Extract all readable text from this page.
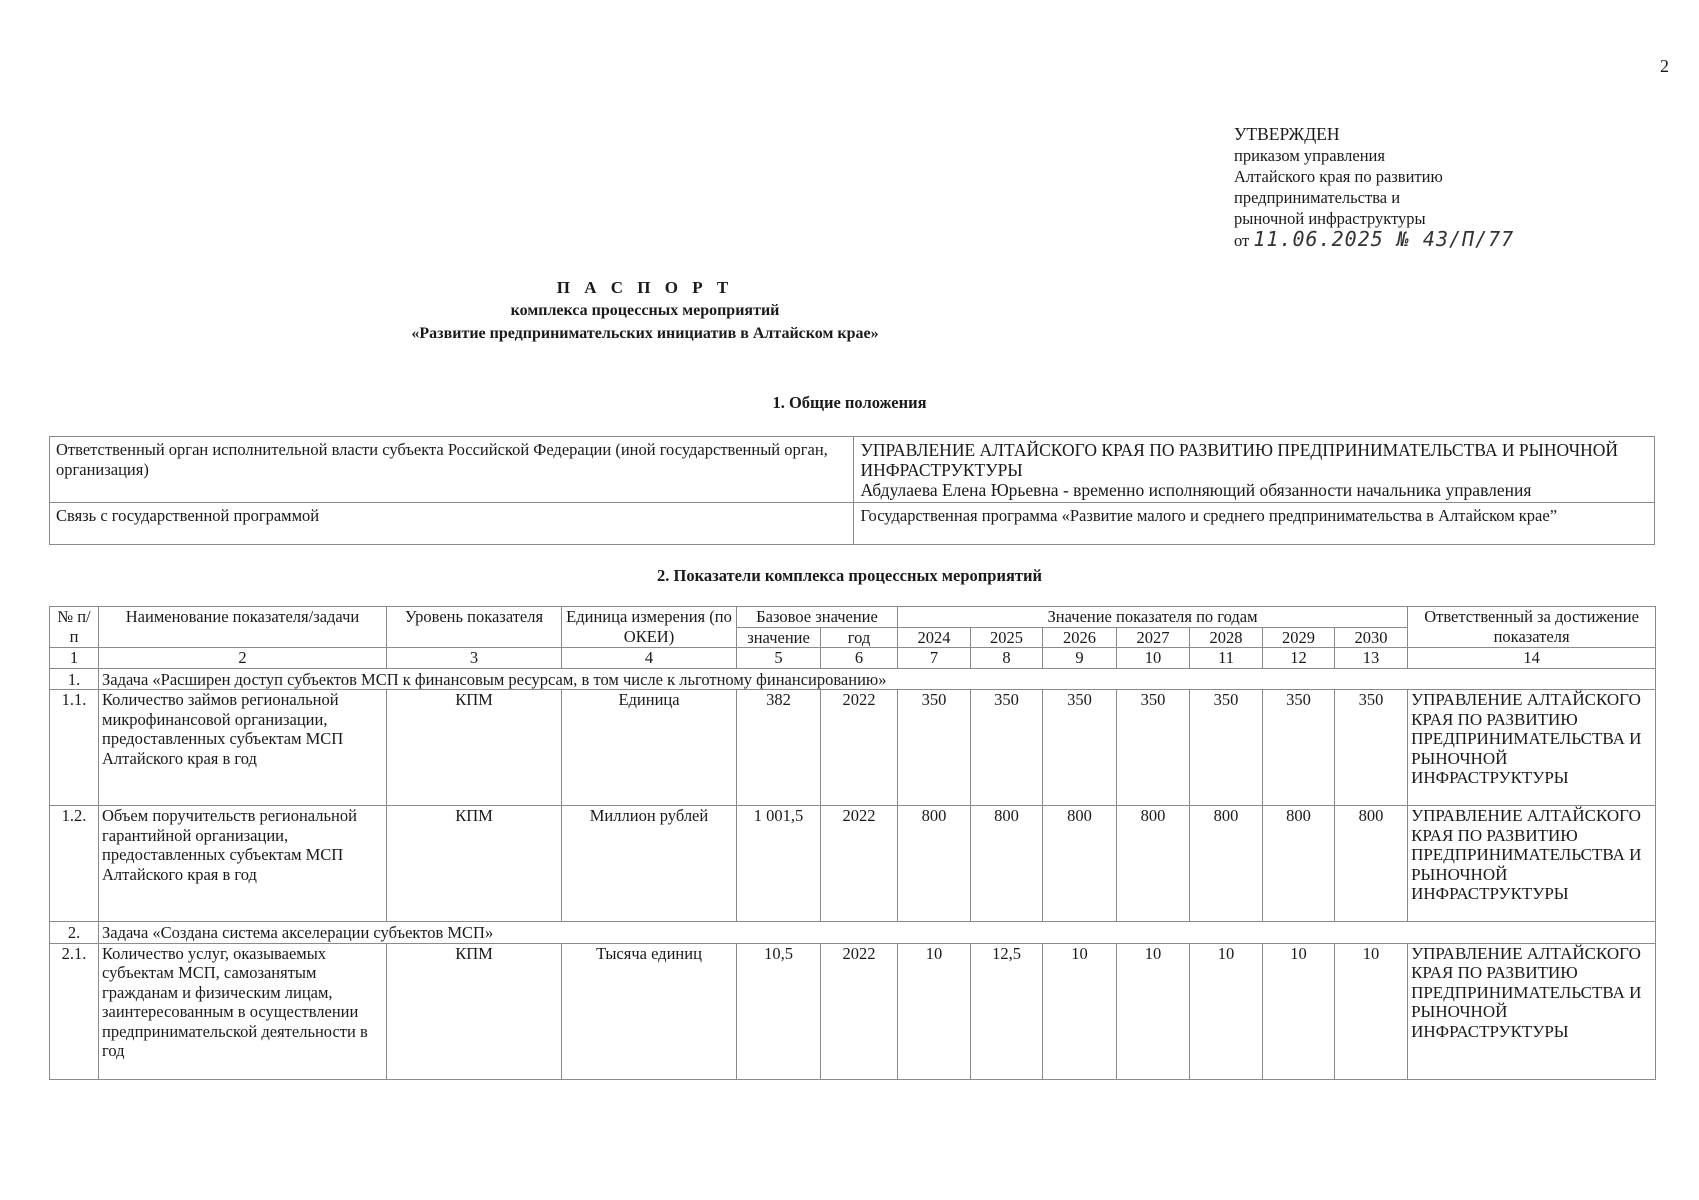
2
УТВЕРЖДЕН
приказом управления
Алтайского края по развитию
предпринимательства и
рыночной инфраструктуры
от 11.06.2025 № 43/П/77
П А С П О Р Т
комплекса процессных мероприятий
«Развитие предпринимательских инициатив в Алтайском крае»
1. Общие положения
Ответственный орган исполнительной власти субъекта Российской Федерации (иной государственный орган, организация)	УПРАВЛЕНИЕ АЛТАЙСКОГО КРАЯ ПО РАЗВИТИЮ ПРЕДПРИНИМАТЕЛЬСТВА И РЫНОЧНОЙ ИНФРАСТРУКТУРЫ
Абдулаева Елена Юрьевна - временно исполняющий обязанности начальника управления

Связь с государственной программой	Государственная программа «Развитие малого и среднего предпринимательства в Алтайском крае”
2. Показатели комплекса процессных мероприятий
№ п/п	Наименование показателя/задачи	Уровень показателя	Единица измерения (по ОКЕИ)	Базовое значение		Значение показателя по годам							Ответственный за достижение показателя
				значение	год	2024	2025	2026	2027	2028	2029	2030	
1	2	3	4	5	6	7	8	9	10	11	12	13	14
1.	Задача «Расширен доступ субъектов МСП к финансовым ресурсам, в том числе к льготному финансированию»												
1.1.	Количество займов региональной микрофинансовой организации, предоставленных субъектам МСП Алтайского края в год	КПМ	Единица	382	2022	350	350	350	350	350	350	350	УПРАВЛЕНИЕ АЛТАЙСКОГО КРАЯ ПО РАЗВИТИЮ ПРЕДПРИНИМАТЕЛЬСТВА И РЫНОЧНОЙ ИНФРАСТРУКТУРЫ
1.2.	Объем поручительств региональной гарантийной организации, предоставленных субъектам МСП Алтайского края в год	КПМ	Миллион рублей	1 001,5	2022	800	800	800	800	800	800	800	УПРАВЛЕНИЕ АЛТАЙСКОГО КРАЯ ПО РАЗВИТИЮ ПРЕДПРИНИМАТЕЛЬСТВА И РЫНОЧНОЙ ИНФРАСТРУКТУРЫ
2.	Задача «Создана система акселерации субъектов МСП»												
2.1.	Количество услуг, оказываемых субъектам МСП, самозанятым гражданам и физическим лицам, заинтересованным в осуществлении предпринимательской деятельности в год	КПМ	Тысяча единиц	10,5	2022	10	12,5	10	10	10	10	10	УПРАВЛЕНИЕ АЛТАЙСКОГО КРАЯ ПО РАЗВИТИЮ ПРЕДПРИНИМАТЕЛЬСТВА И РЫНОЧНОЙ ИНФРАСТРУКТУРЫ
